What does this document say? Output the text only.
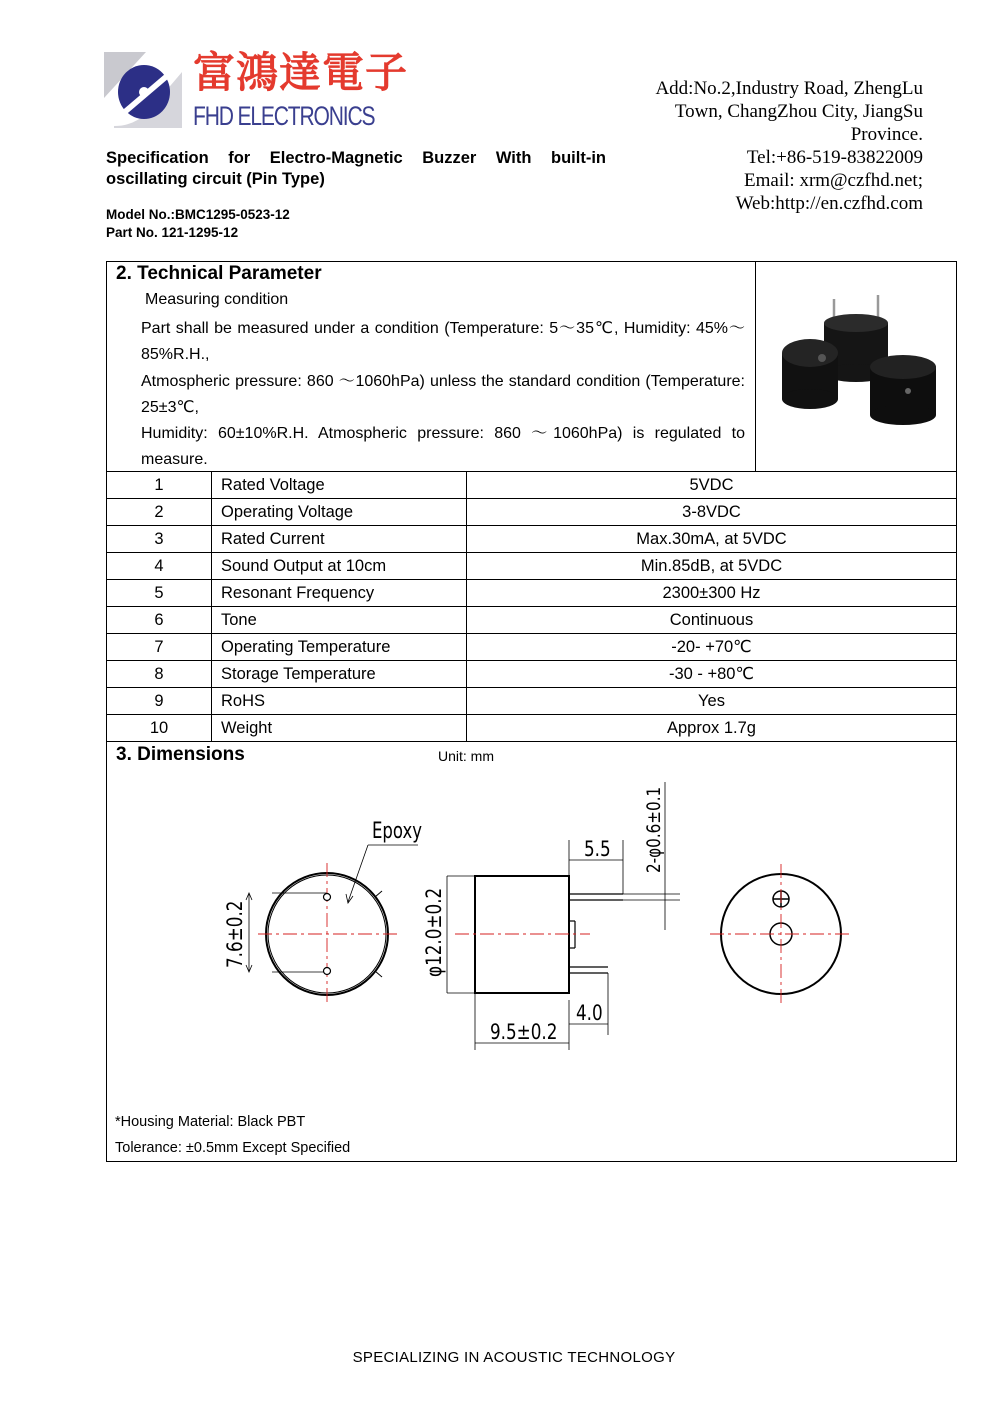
富鴻達電子
FHD ELECTRONICS
Add:No.2,Industry Road, ZhengLu
Town, ChangZhou City, JiangSu
Province.
Tel:+86-519-83822009
Email: xrm@czfhd.net;
Web:http://en.czfhd.com
Specification for Electro-Magnetic Buzzer With built-in
oscillating circuit (Pin Type)
Model No.:BMC1295-0523-12
Part No. 121-1295-12
2. Technical Parameter
Measuring condition

Part shall be measured under a condition (Temperature: 5～35℃, Humidity: 45%～85%R.H.,

Atmospheric pressure: 860 ～1060hPa) unless the standard condition (Temperature: 25±3℃,

Humidity: 60±10%R.H. Atmospheric pressure: 860 ～1060hPa) is regulated to measure.

1	Rated Voltage	5VDC
2	Operating Voltage	3-8VDC
3	Rated Current	Max.30mA, at 5VDC
4	Sound Output at 10cm	Min.85dB, at 5VDC
5	Resonant Frequency	2300±300 Hz
6	Tone	Continuous
7	Operating Temperature	-20- +70℃
8	Storage Temperature	-30 - +80℃
9	RoHS	Yes
10	Weight	Approx 1.7g
3. Dimensions	Unit: mm
Epoxy
7.6±0.2	φ12.0±0.2
5.5 2-φ0.6±0.1
9.5±0.2
4.0
*Housing Material: Black PBT
Tolerance: ±0.5mm Except Specified
SPECIALIZING IN ACOUSTIC TECHNOLOGY
